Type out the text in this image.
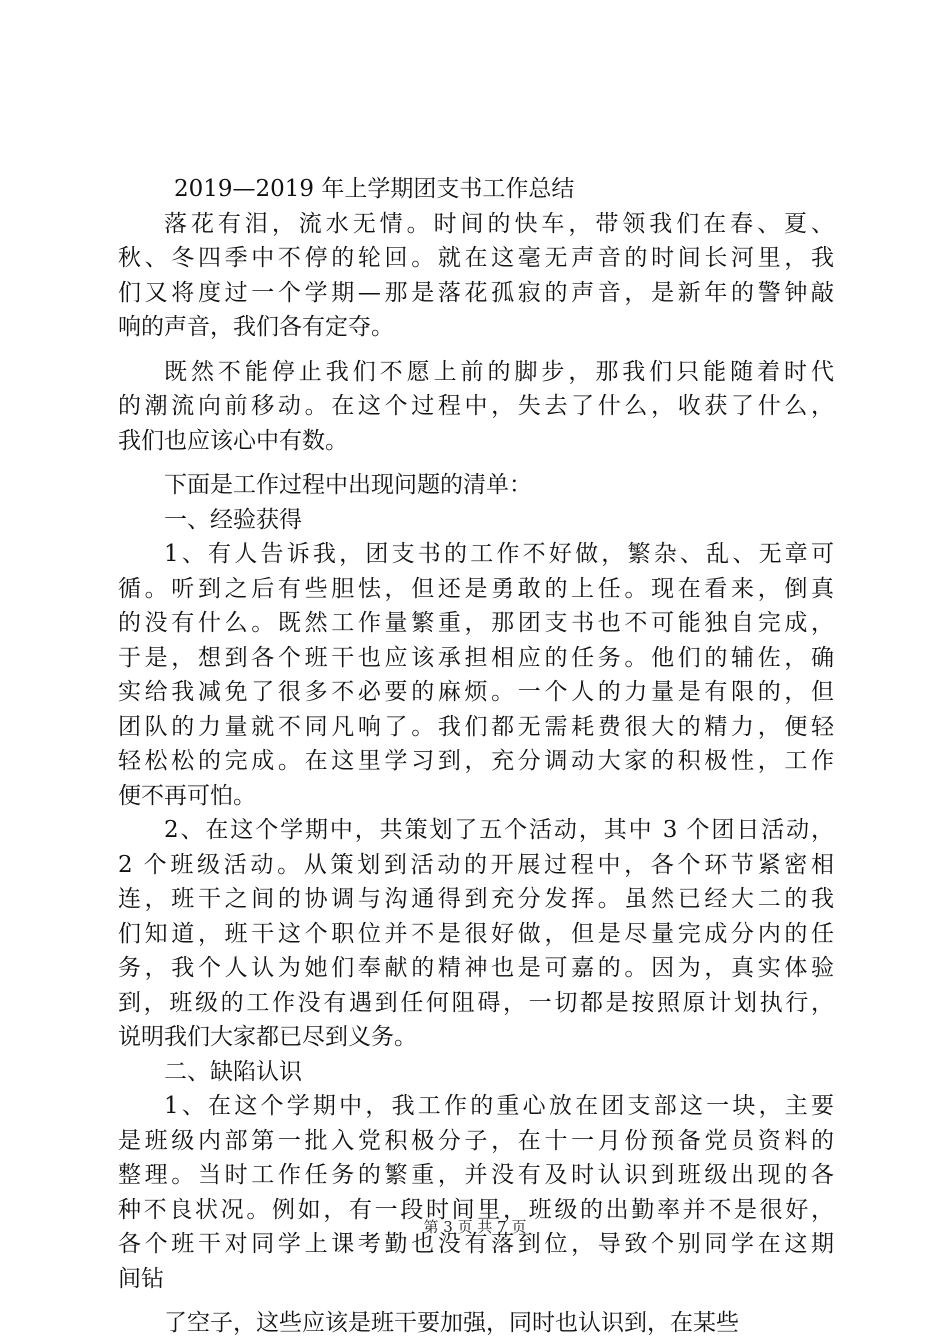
2019—2019 年上学期团支书工作总结
落花有泪，流水无情。时间的快车，带领我们在春、夏、
秋、冬四季中不停的轮回。就在这毫无声音的时间长河里，我
们又将度过一个学期—那是落花孤寂的声音，是新年的警钟敲
响的声音，我们各有定夺。
既然不能停止我们不愿上前的脚步，那我们只能随着时代
的潮流向前移动。在这个过程中，失去了什么，收获了什么，
我们也应该心中有数。
下面是工作过程中出现问题的清单：
一、经验获得
1、有人告诉我，团支书的工作不好做，繁杂、乱、无章可
循。听到之后有些胆怯，但还是勇敢的上任。现在看来，倒真
的没有什么。既然工作量繁重，那团支书也不可能独自完成，
于是，想到各个班干也应该承担相应的任务。他们的辅佐，确
实给我减免了很多不必要的麻烦。一个人的力量是有限的，但
团队的力量就不同凡响了。我们都无需耗费很大的精力，便轻
轻松松的完成。在这里学习到，充分调动大家的积极性，工作
便不再可怕。
2、在这个学期中，共策划了五个活动，其中 3 个团日活动，
2 个班级活动。从策划到活动的开展过程中，各个环节紧密相
连，班干之间的协调与沟通得到充分发挥。虽然已经大二的我
们知道，班干这个职位并不是很好做，但是尽量完成分内的任
务，我个人认为她们奉献的精神也是可嘉的。因为，真实体验
到，班级的工作没有遇到任何阻碍，一切都是按照原计划执行，
说明我们大家都已尽到义务。
二、缺陷认识
1、在这个学期中，我工作的重心放在团支部这一块，主要
是班级内部第一批入党积极分子，在十一月份预备党员资料的
整理。当时工作任务的繁重，并没有及时认识到班级出现的各
种不良状况。例如，有一段时间里，班级的出勤率并不是很好，
各个班干对同学上课考勤也没有落到位，导致个别同学在这期
间钻
了空子，这些应该是班干要加强，同时也认识到，在某些
第 3 页 共 7 页
